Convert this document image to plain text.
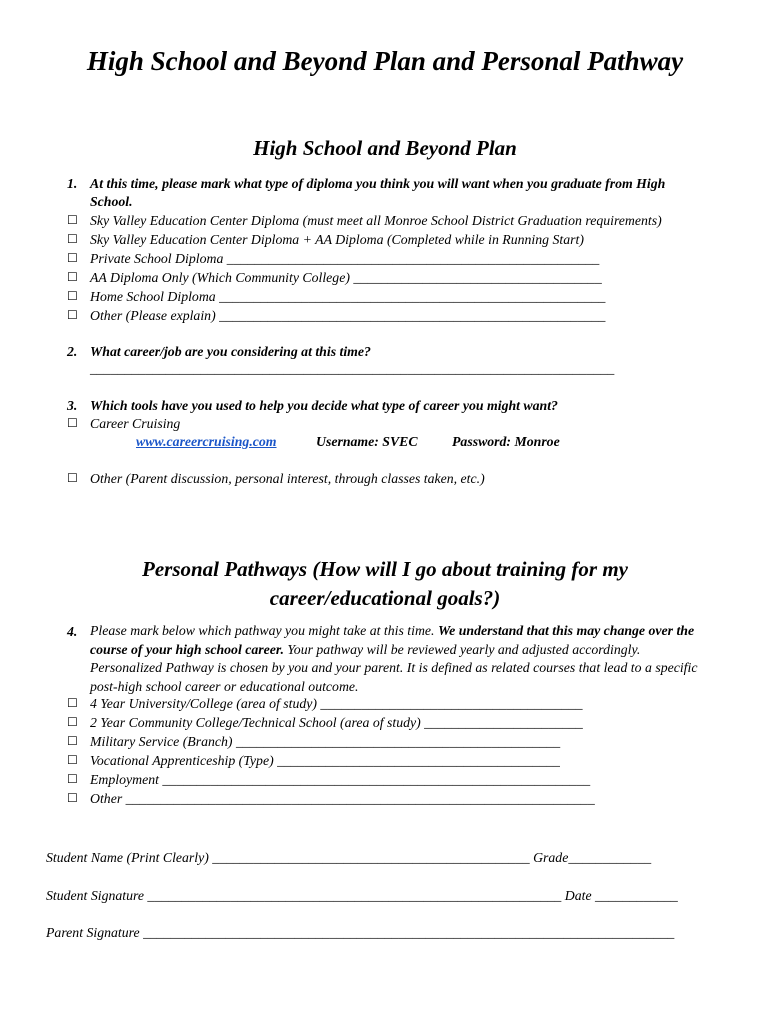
High School and Beyond Plan and Personal Pathway
High School and Beyond Plan
1. At this time, please mark what type of diploma you think you will want when you graduate from High
School.
☐ Sky Valley Education Center Diploma (must meet all Monroe School District Graduation requirements)
☐ Sky Valley Education Center Diploma + AA Diploma (Completed while in Running Start)
☐ Private School Diploma ______________________________________________________
☐ AA Diploma Only (Which Community College) ____________________________________
☐ Home School Diploma ________________________________________________________
☐ Other (Please explain) ________________________________________________________
2. What career/job are you considering at this time?
____________________________________________________________________________
3. Which tools have you used to help you decide what type of career you might want?
☐ Career Cruising
www.careercruising.com	Username: SVEC Password: Monroe
☐ Other (Parent discussion, personal interest, through classes taken, etc.)
Personal Pathways (How will I go about training for my
career/educational goals?)
4. Please mark below which pathway you might take at this time. We understand that this may change over the course of your high school career. Your pathway will be reviewed yearly and adjusted accordingly. Personalized Pathway is chosen by you and your parent. It is defined as related courses that lead to a specific post-high school career or educational outcome.
☐ 4 Year University/College (area of study) ______________________________________
☐ 2 Year Community College/Technical School (area of study) _______________________
☐ Military Service (Branch) _______________________________________________
☐ Vocational Apprenticeship (Type) _________________________________________
☐ Employment ______________________________________________________________
☐ Other ____________________________________________________________________
Student Name (Print Clearly) ______________________________________________ Grade____________
Student Signature ____________________________________________________________ Date ____________
Parent Signature _____________________________________________________________________________
